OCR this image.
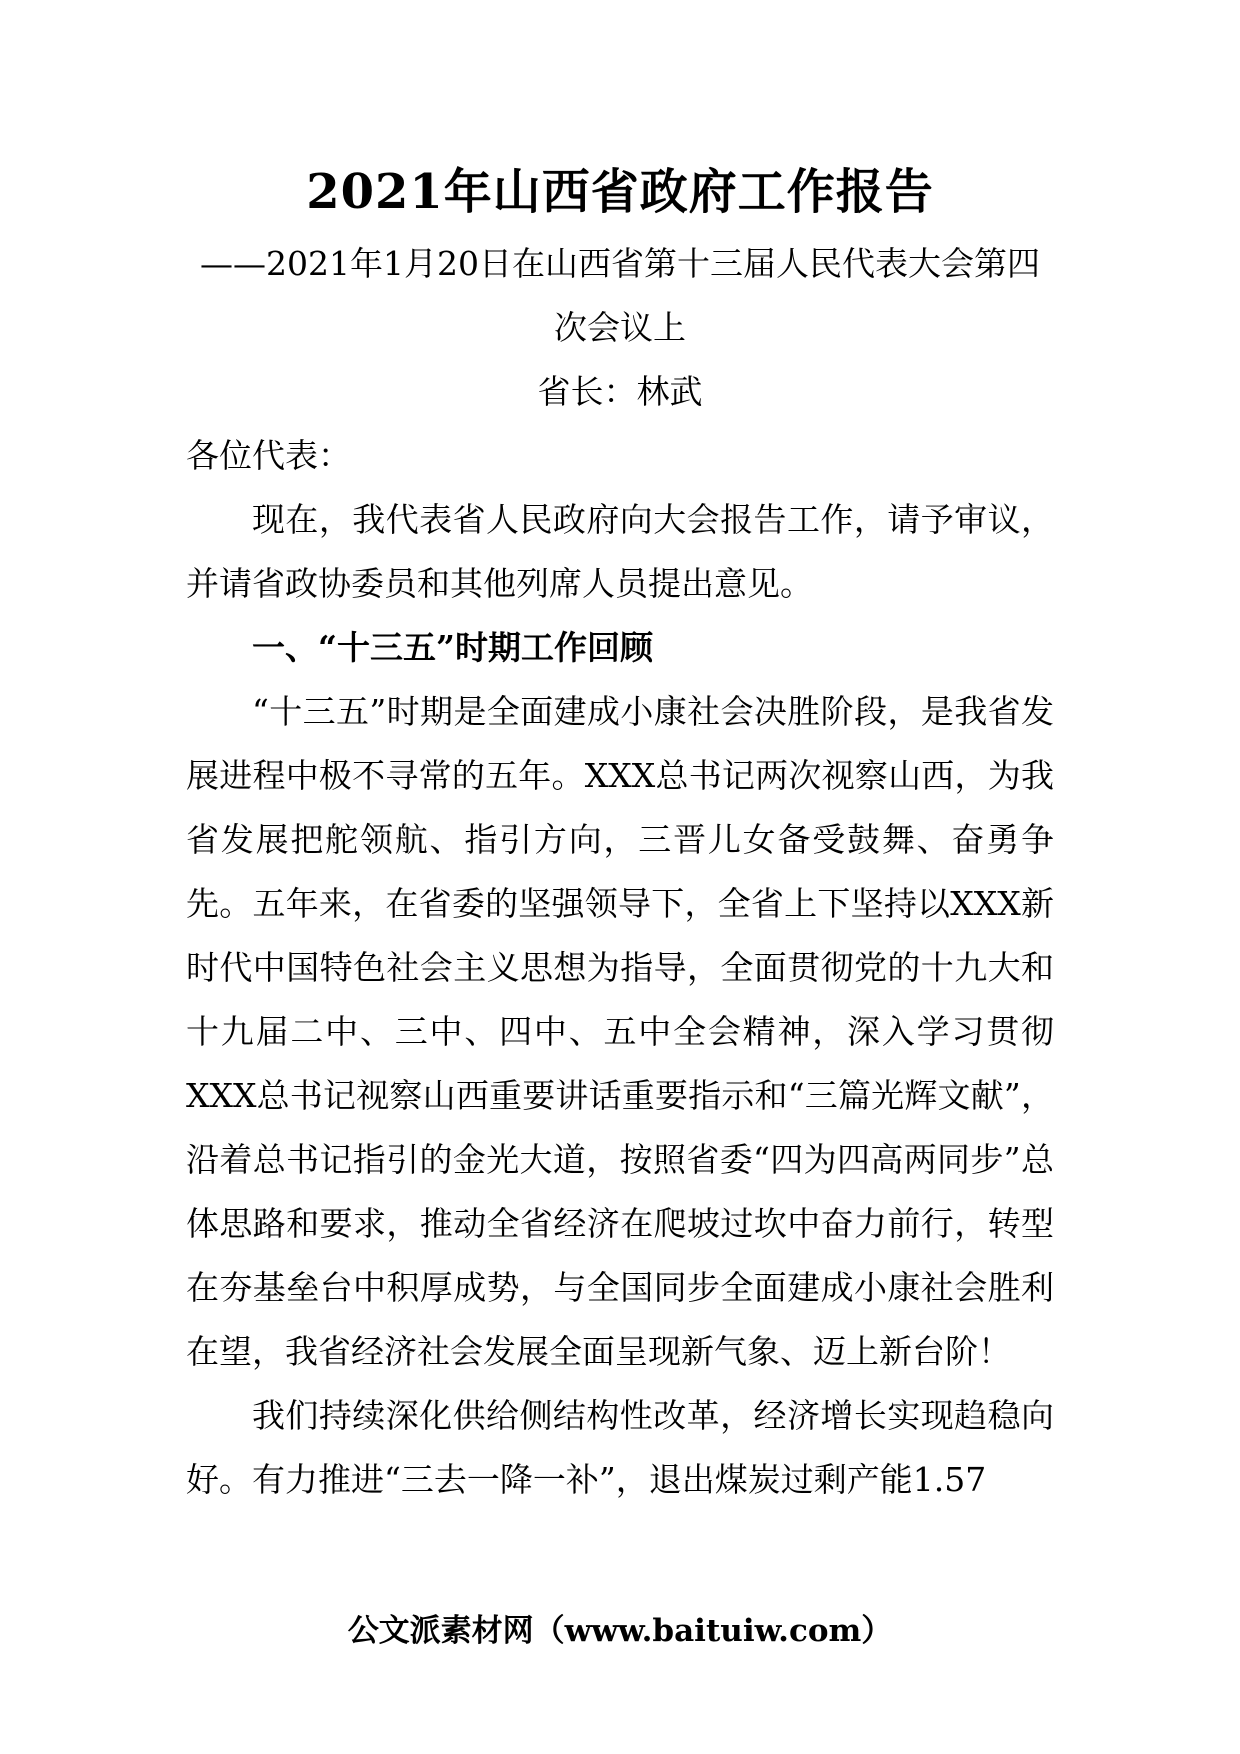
2021年山西省政府工作报告
——2021年1月20日在山西省第十三届人民代表大会第四次会议上
省长：林武

各位代表：

现在，我代表省人民政府向大会报告工作，请予审议，并请省政协委员和其他列席人员提出意见。

一、“十三五”时期工作回顾

“十三五”时期是全面建成小康社会决胜阶段，是我省发展进程中极不寻常的五年。XXX总书记两次视察山西，为我省发展把舵领航、指引方向，三晋儿女备受鼓舞、奋勇争先。五年来，在省委的坚强领导下，全省上下坚持以XXX新时代中国特色社会主义思想为指导，全面贯彻党的十九大和十九届二中、三中、四中、五中全会精神，深入学习贯彻XXX总书记视察山西重要讲话重要指示和“三篇光辉文献”，沿着总书记指引的金光大道，按照省委“四为四高两同步”总体思路和要求，推动全省经济在爬坡过坎中奋力前行，转型在夯基垒台中积厚成势，与全国同步全面建成小康社会胜利在望，我省经济社会发展全面呈现新气象、迈上新台阶！

我们持续深化供给侧结构性改革，经济增长实现趋稳向好。有力推进“三去一降一补”，退出煤炭过剩产能1.57

公文派素材网（www.baituiw.com）
